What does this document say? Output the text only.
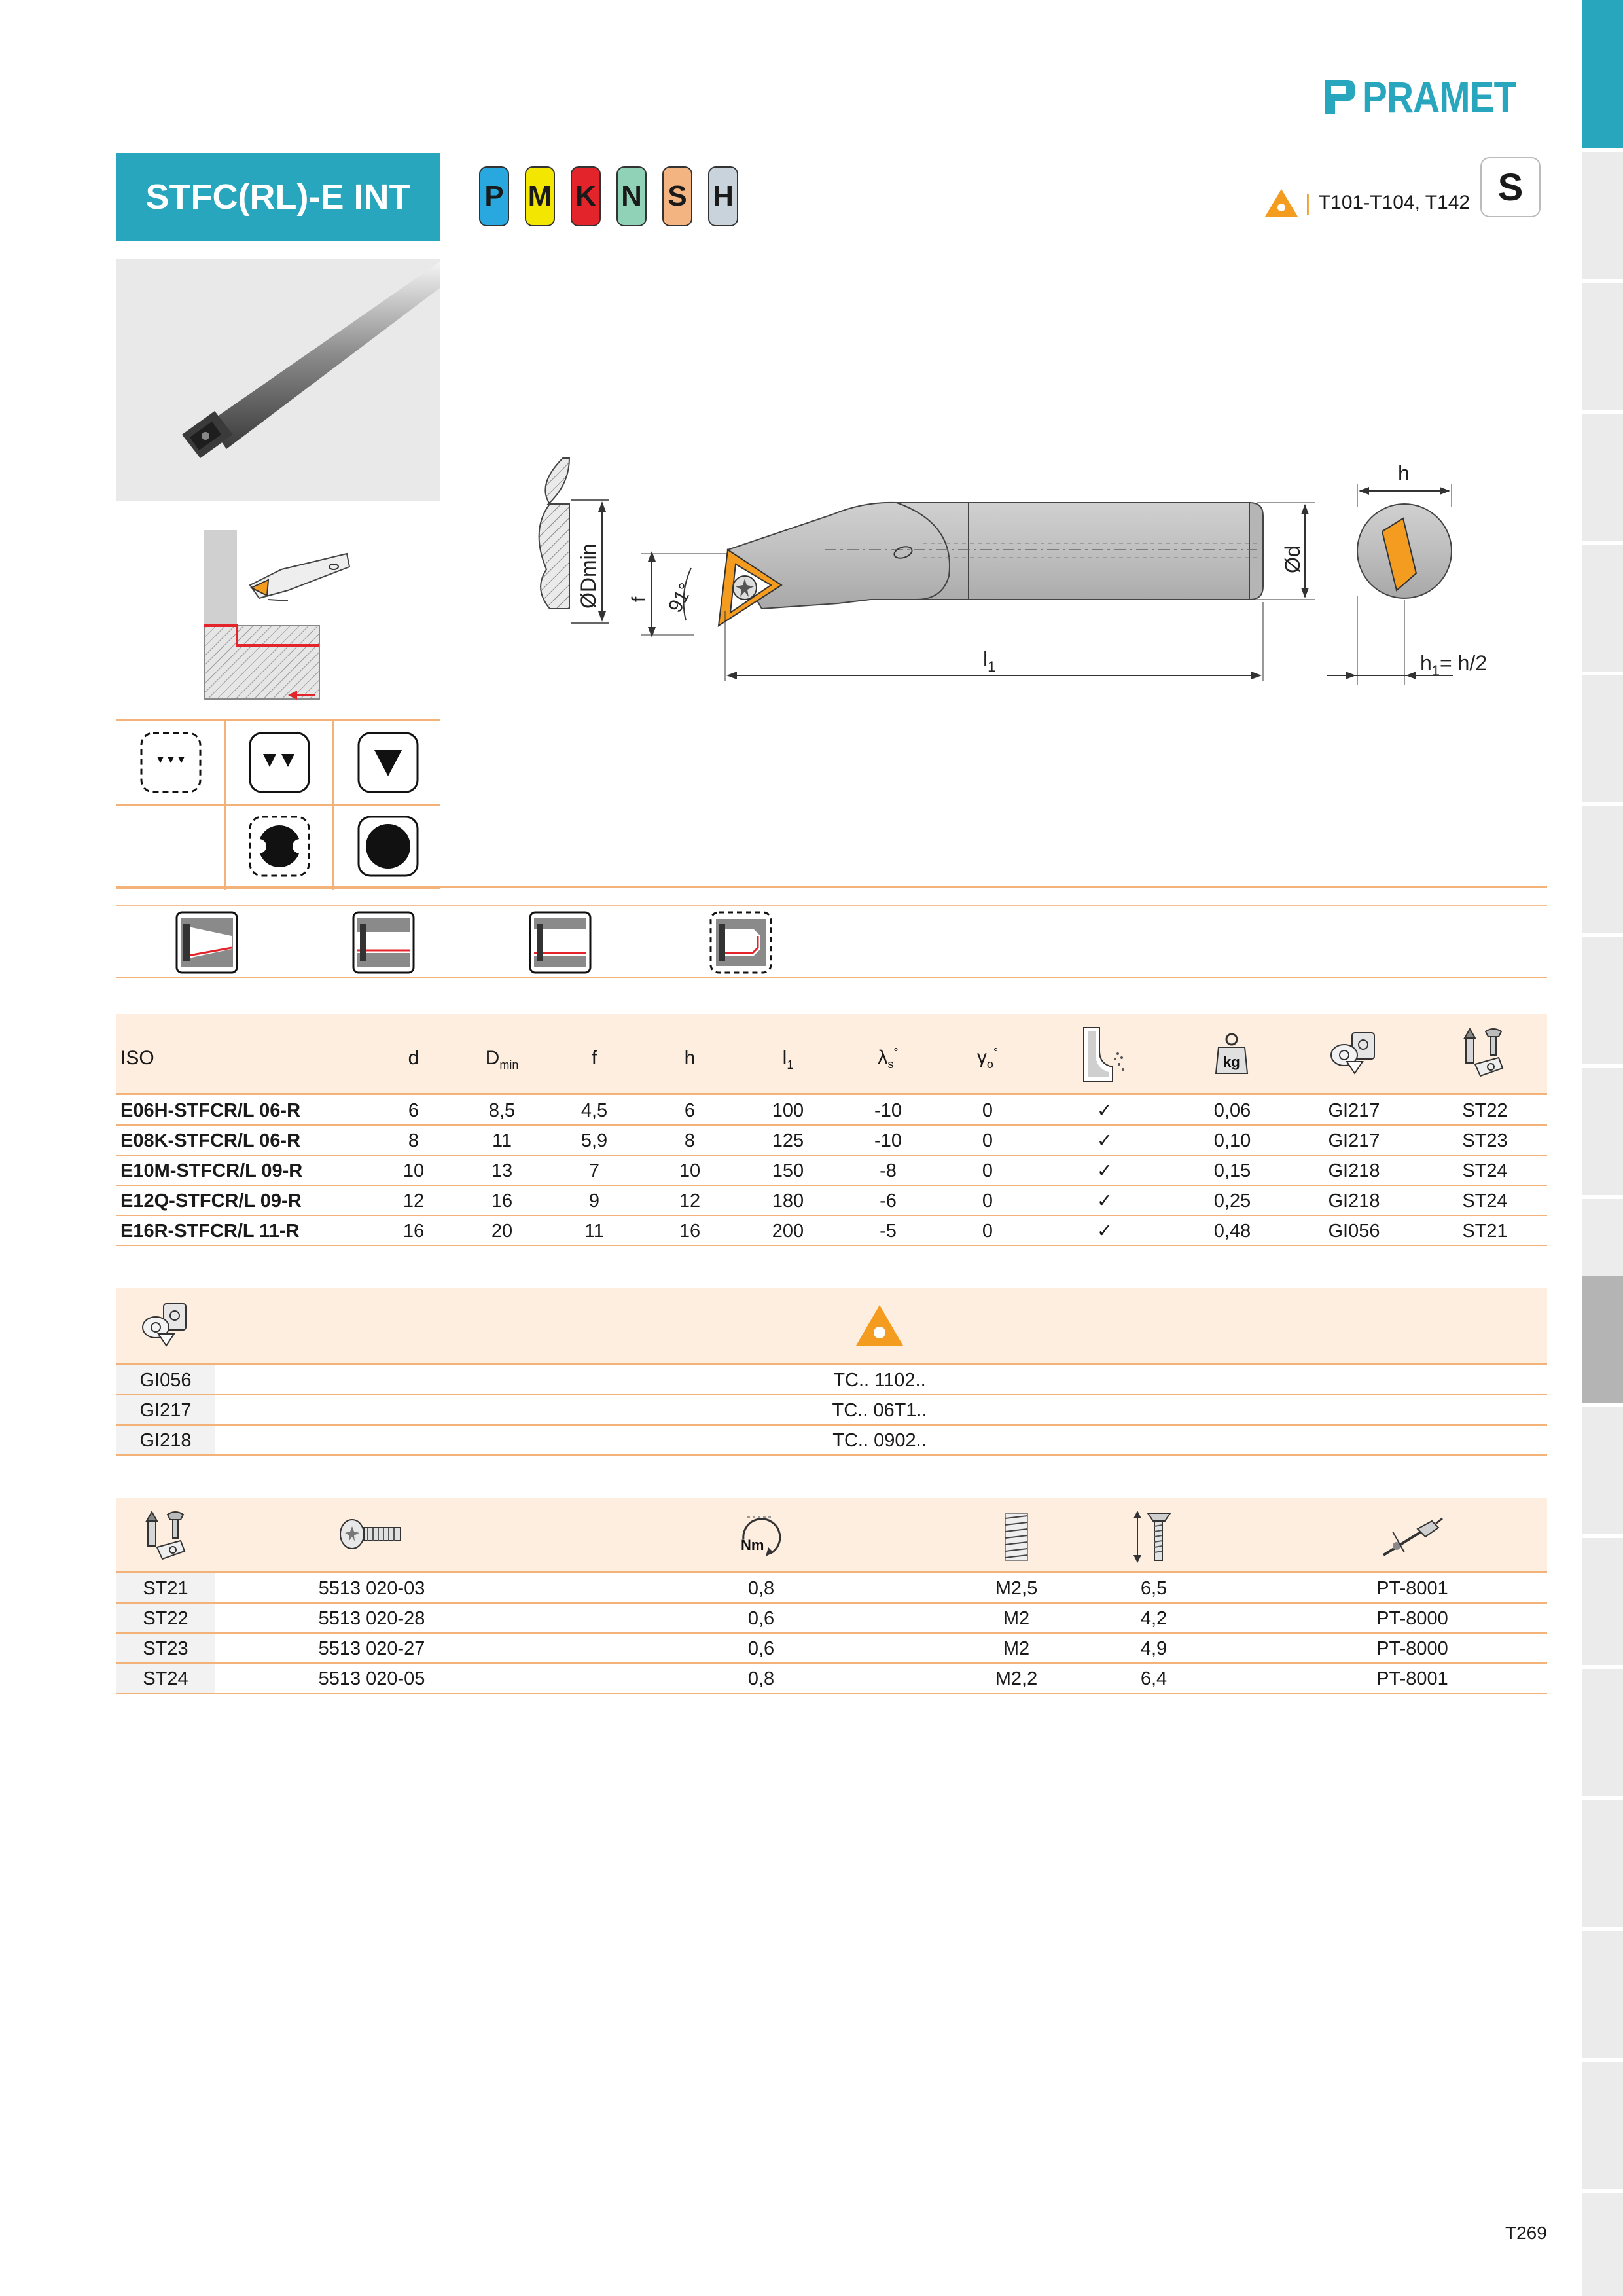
PRAMET
STFC(RL)-E INT	P M K N S H	| T101-T104, T142 S
ØDmin f 91°
$l_1$
Ød
h
$h_1= h/2$
ISO	d	$D_{min}$	f	h	$l_1$	$\lambda_s^\circ$	$\gamma_o^\circ$
kg
E06H-STFCR/L 06-R	6	8,5	4,5	6	100	-10	0	✓	0,06	GI217	ST22
E08K-STFCR/L 06-R	8	11	5,9	8	125	-10	0	✓	0,10	GI217	ST23
E10M-STFCR/L 09-R	10	13	7	10	150	-8	0	✓	0,15	GI218	ST24
E12Q-STFCR/L 09-R	12	16	9	12	180	-6	0	✓	0,25	GI218	ST24
E16R-STFCR/L 11-R	16	20	11	16	200	-5	0	✓	0,48	GI056	ST21
GI056	TC.. 1102..
GI217	TC.. 06T1..
GI218	TC.. 0902..
Nm
ST21	5513 020-03	0,8	M2,5	6,5	PT-8001
ST22	5513 020-28	0,6	M2	4,2	PT-8000
ST23	5513 020-27	0,6	M2	4,9	PT-8000
ST24	5513 020-05	0,8	M2,2	6,4	PT-8001
T269
